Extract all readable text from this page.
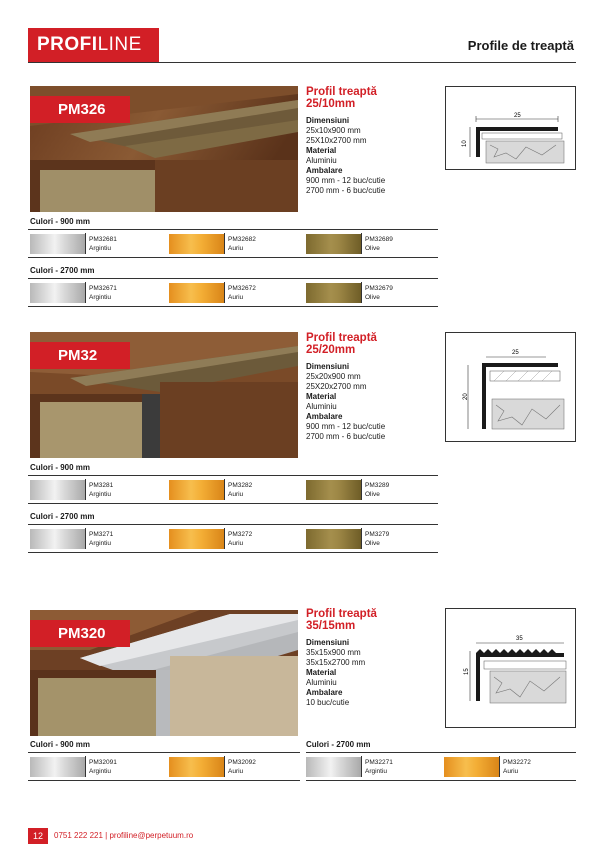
PROFI LINE	Profile de treaptă
PM326
Profil treaptă
25/10mm
Dimensiuni
25x10x900 mm
25X10x2700 mm
Material
Aluminiu
Ambalare
900 mm - 12 buc/cutie
2700 mm - 6 buc/cutie
25
10
Culori - 900 mm
PM32681
Argintiu
PM32682
Auriu
PM32689
Olive
Culori - 2700 mm
PM32671
Argintiu
PM32672
Auriu
PM32679
Olive
PM32
Profil treaptă
25/20mm
Dimensiuni
25x20x900 mm
25X20x2700 mm
Material
Aluminiu
Ambalare
900 mm - 12 buc/cutie
2700 mm - 6 buc/cutie
25
20
Culori - 900 mm
PM3281
Argintiu
PM3282
Auriu
PM3289
Olive
Culori - 2700 mm
PM3271
Argintiu
PM3272
Auriu
PM3279
Olive
PM320
Profil treaptă
35/15mm
Dimensiuni
35x15x900 mm
35x15x2700 mm
Material
Aluminiu
Ambalare
10 buc/cutie
35
15
Culori - 900 mm
PM32091
Argintiu
PM32092
Auriu
Culori - 2700 mm
PM32271
Argintiu
PM32272
Auriu
12	0751 222 221 | profiline@perpetuum.ro
